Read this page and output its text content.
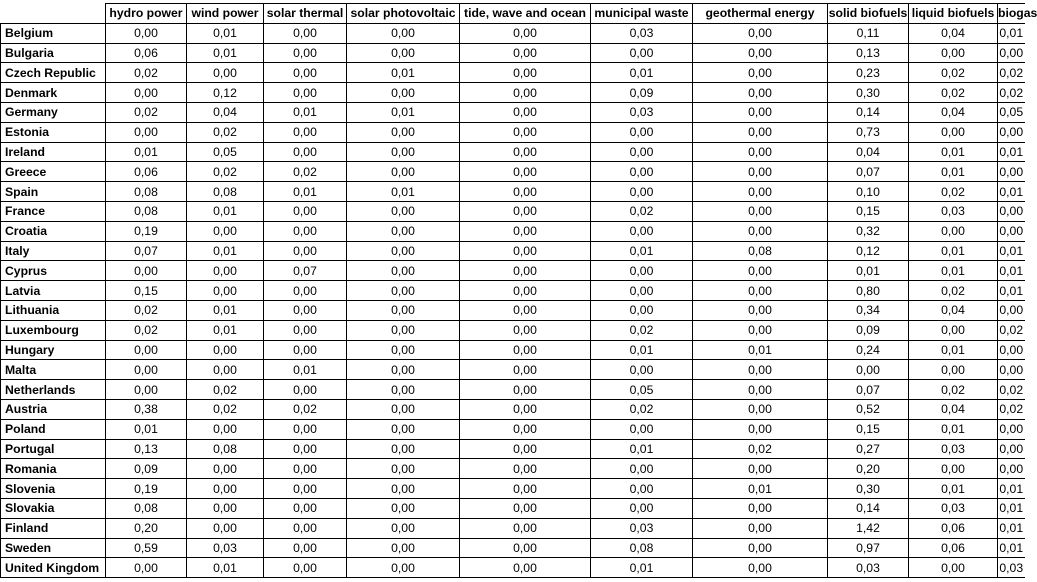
	hydro power	wind power	solar thermal	solar photovoltaic	tide, wave and ocean	municipal waste	geothermal energy	solid biofuels	liquid biofuels	biogas
Belgium	0,00	0,01	0,00	0,00	0,00	0,03	0,00	0,11	0,04	0,01
Bulgaria	0,06	0,01	0,00	0,00	0,00	0,00	0,00	0,13	0,00	0,00
Czech Republic	0,02	0,00	0,00	0,01	0,00	0,01	0,00	0,23	0,02	0,02
Denmark	0,00	0,12	0,00	0,00	0,00	0,09	0,00	0,30	0,02	0,02
Germany	0,02	0,04	0,01	0,01	0,00	0,03	0,00	0,14	0,04	0,05
Estonia	0,00	0,02	0,00	0,00	0,00	0,00	0,00	0,73	0,00	0,00
Ireland	0,01	0,05	0,00	0,00	0,00	0,00	0,00	0,04	0,01	0,01
Greece	0,06	0,02	0,02	0,00	0,00	0,00	0,00	0,07	0,01	0,00
Spain	0,08	0,08	0,01	0,01	0,00	0,00	0,00	0,10	0,02	0,01
France	0,08	0,01	0,00	0,00	0,00	0,02	0,00	0,15	0,03	0,00
Croatia	0,19	0,00	0,00	0,00	0,00	0,00	0,00	0,32	0,00	0,00
Italy	0,07	0,01	0,00	0,00	0,00	0,01	0,08	0,12	0,01	0,01
Cyprus	0,00	0,00	0,07	0,00	0,00	0,00	0,00	0,01	0,01	0,01
Latvia	0,15	0,00	0,00	0,00	0,00	0,00	0,00	0,80	0,02	0,01
Lithuania	0,02	0,01	0,00	0,00	0,00	0,00	0,00	0,34	0,04	0,00
Luxembourg	0,02	0,01	0,00	0,00	0,00	0,02	0,00	0,09	0,00	0,02
Hungary	0,00	0,00	0,00	0,00	0,00	0,01	0,01	0,24	0,01	0,00
Malta	0,00	0,00	0,01	0,00	0,00	0,00	0,00	0,00	0,00	0,00
Netherlands	0,00	0,02	0,00	0,00	0,00	0,05	0,00	0,07	0,02	0,02
Austria	0,38	0,02	0,02	0,00	0,00	0,02	0,00	0,52	0,04	0,02
Poland	0,01	0,00	0,00	0,00	0,00	0,00	0,00	0,15	0,01	0,00
Portugal	0,13	0,08	0,00	0,00	0,00	0,01	0,02	0,27	0,03	0,00
Romania	0,09	0,00	0,00	0,00	0,00	0,00	0,00	0,20	0,00	0,00
Slovenia	0,19	0,00	0,00	0,00	0,00	0,00	0,01	0,30	0,01	0,01
Slovakia	0,08	0,00	0,00	0,00	0,00	0,00	0,00	0,14	0,03	0,01
Finland	0,20	0,00	0,00	0,00	0,00	0,03	0,00	1,42	0,06	0,01
Sweden	0,59	0,03	0,00	0,00	0,00	0,08	0,00	0,97	0,06	0,01
United Kingdom	0,00	0,01	0,00	0,00	0,00	0,01	0,00	0,03	0,00	0,03
